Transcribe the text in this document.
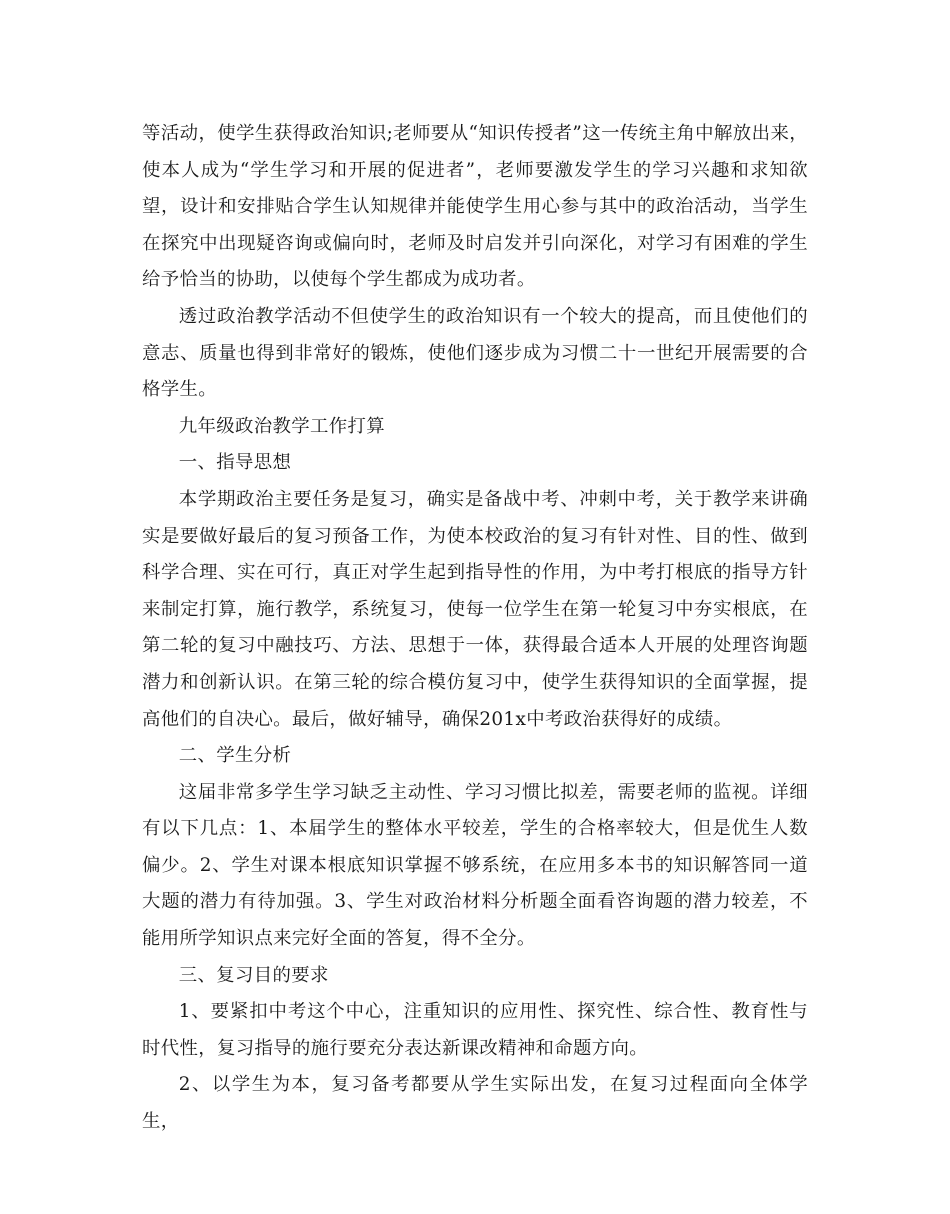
等活动，使学生获得政治知识;老师要从“知识传授者”这一传统主角中解放出来，使本人成为“学生学习和开展的促进者”，老师要激发学生的学习兴趣和求知欲望，设计和安排贴合学生认知规律并能使学生用心参与其中的政治活动，当学生在探究中出现疑咨询或偏向时，老师及时启发并引向深化，对学习有困难的学生给予恰当的协助，以使每个学生都成为成功者。

透过政治教学活动不但使学生的政治知识有一个较大的提高，而且使他们的意志、质量也得到非常好的锻炼，使他们逐步成为习惯二十一世纪开展需要的合格学生。

九年级政治教学工作打算

一、指导思想

本学期政治主要任务是复习，确实是备战中考、冲刺中考，关于教学来讲确实是要做好最后的复习预备工作，为使本校政治的复习有针对性、目的性、做到科学合理、实在可行，真正对学生起到指导性的作用，为中考打根底的指导方针来制定打算，施行教学，系统复习，使每一位学生在第一轮复习中夯实根底，在第二轮的复习中融技巧、方法、思想于一体，获得最合适本人开展的处理咨询题潜力和创新认识。在第三轮的综合模仿复习中，使学生获得知识的全面掌握，提高他们的自决心。最后，做好辅导，确保201x中考政治获得好的成绩。

二、学生分析

这届非常多学生学习缺乏主动性、学习习惯比拟差，需要老师的监视。详细有以下几点：1、本届学生的整体水平较差，学生的合格率较大，但是优生人数偏少。2、学生对课本根底知识掌握不够系统，在应用多本书的知识解答同一道大题的潜力有待加强。3、学生对政治材料分析题全面看咨询题的潜力较差，不能用所学知识点来完好全面的答复，得不全分。

三、复习目的要求

1、要紧扣中考这个中心，注重知识的应用性、探究性、综合性、教育性与时代性，复习指导的施行要充分表达新课改精神和命题方向。

2、以学生为本，复习备考都要从学生实际出发，在复习过程面向全体学生，
